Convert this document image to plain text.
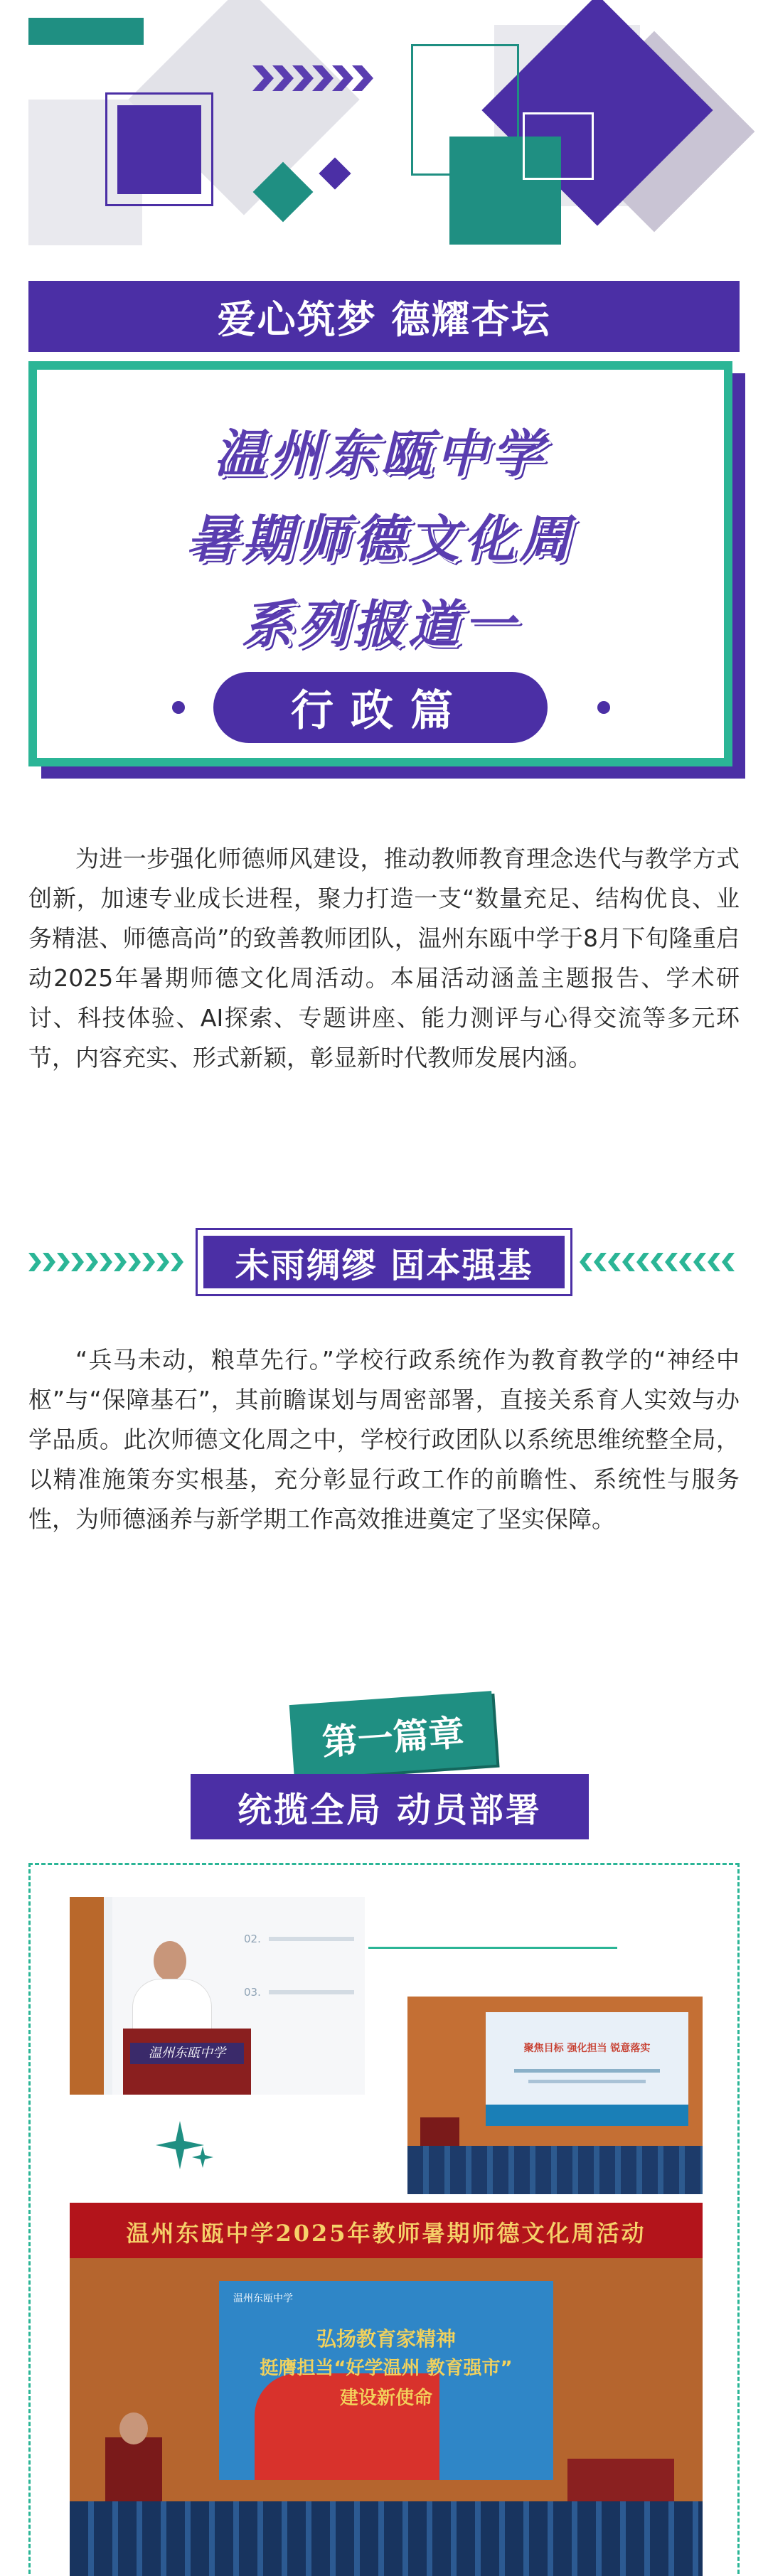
爱心筑梦 德耀杏坛
温州东瓯中学
暑期师德文化周
系列报道一
行政篇

为进一步强化师德师风建设，推动教师教育理念迭代与教学方式创新，加速专业成长进程，聚力打造一支“数量充足、结构优良、业务精湛、师德高尚”的致善教师团队，温州东瓯中学于8月下旬隆重启动2025年暑期师德文化周活动。本届活动涵盖主题报告、学术研讨、科技体验、AI探索、专题讲座、能力测评与心得交流等多元环节，内容充实、形式新颖，彰显新时代教师发展内涵。

未雨绸缪 固本强基

“兵马未动，粮草先行。”学校行政系统作为教育教学的“神经中枢”与“保障基石”，其前瞻谋划与周密部署，直接关系育人实效与办学品质。此次师德文化周之中，学校行政团队以系统思维统整全局，以精准施策夯实根基，充分彰显行政工作的前瞻性、系统性与服务性，为师德涵养与新学期工作高效推进奠定了坚实保障。

第一篇章
统揽全局 动员部署
02.
03.
温州东瓯中学	聚焦目标 强化担当 锐意落实
温州东瓯中学2025年教师暑期师德文化周活动
温州东瓯中学
弘扬教育家精神
挺膺担当“好学温州 教育强市”
建设新使命
